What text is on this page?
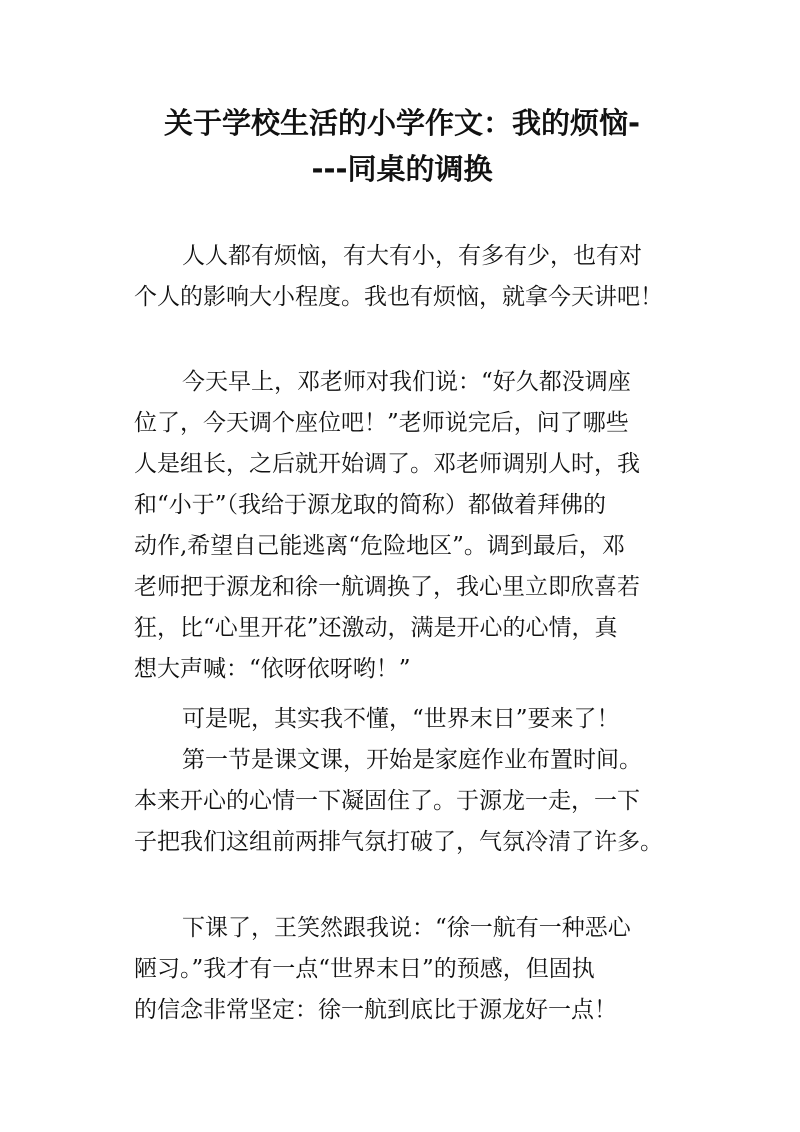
关于学校生活的小学作文：我的烦恼-
---同桌的调换
人人都有烦恼，有大有小，有多有少，也有对
个人的影响大小程度。我也有烦恼，就拿今天讲吧！
今天早上，邓老师对我们说：“好久都没调座
位了，今天调个座位吧！”老师说完后，问了哪些
人是组长，之后就开始调了。邓老师调别人时，我
和“小于”（我给于源龙取的简称）都做着拜佛的
动作,希望自己能逃离“危险地区”。调到最后，邓
老师把于源龙和徐一航调换了，我心里立即欣喜若
狂，比“心里开花”还激动，满是开心的心情，真
想大声喊：“依呀依呀哟！”
可是呢，其实我不懂，“世界末日”要来了！
第一节是课文课，开始是家庭作业布置时间。
本来开心的心情一下凝固住了。于源龙一走，一下
子把我们这组前两排气氛打破了，气氛冷清了许多。
下课了，王笑然跟我说：“徐一航有一种恶心
陋习。”我才有一点“世界末日”的预感，但固执
的信念非常坚定：徐一航到底比于源龙好一点！
